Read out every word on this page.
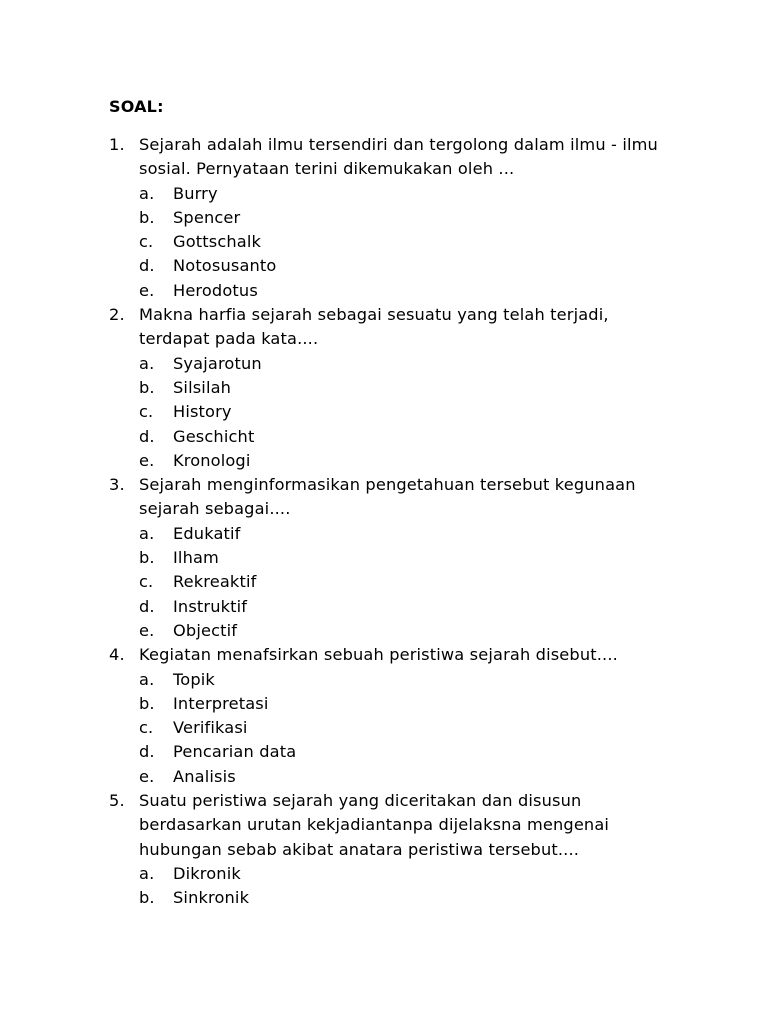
SOAL:
1. Sejarah adalah ilmu tersendiri dan tergolong dalam ilmu - ilmu sosial. Pernyataan terini dikemukakan oleh ...
a. Burry
b. Spencer
c. Gottschalk
d. Notosusanto
e. Herodotus
2. Makna harfia sejarah sebagai sesuatu yang telah terjadi, terdapat pada kata....
a. Syajarotun
b. Silsilah
c. History
d. Geschicht
e. Kronologi
3. Sejarah menginformasikan pengetahuan tersebut kegunaan sejarah sebagai....
a. Edukatif
b. Ilham
c. Rekreaktif
d. Instruktif
e. Objectif
4. Kegiatan menafsirkan sebuah peristiwa sejarah disebut....
a. Topik
b. Interpretasi
c. Verifikasi
d. Pencarian data
e. Analisis
5. Suatu peristiwa sejarah yang diceritakan dan disusun berdasarkan urutan kekjadiantanpa dijelaksna mengenai hubungan sebab akibat anatara peristiwa tersebut....
a. Dikronik
b. Sinkronik
